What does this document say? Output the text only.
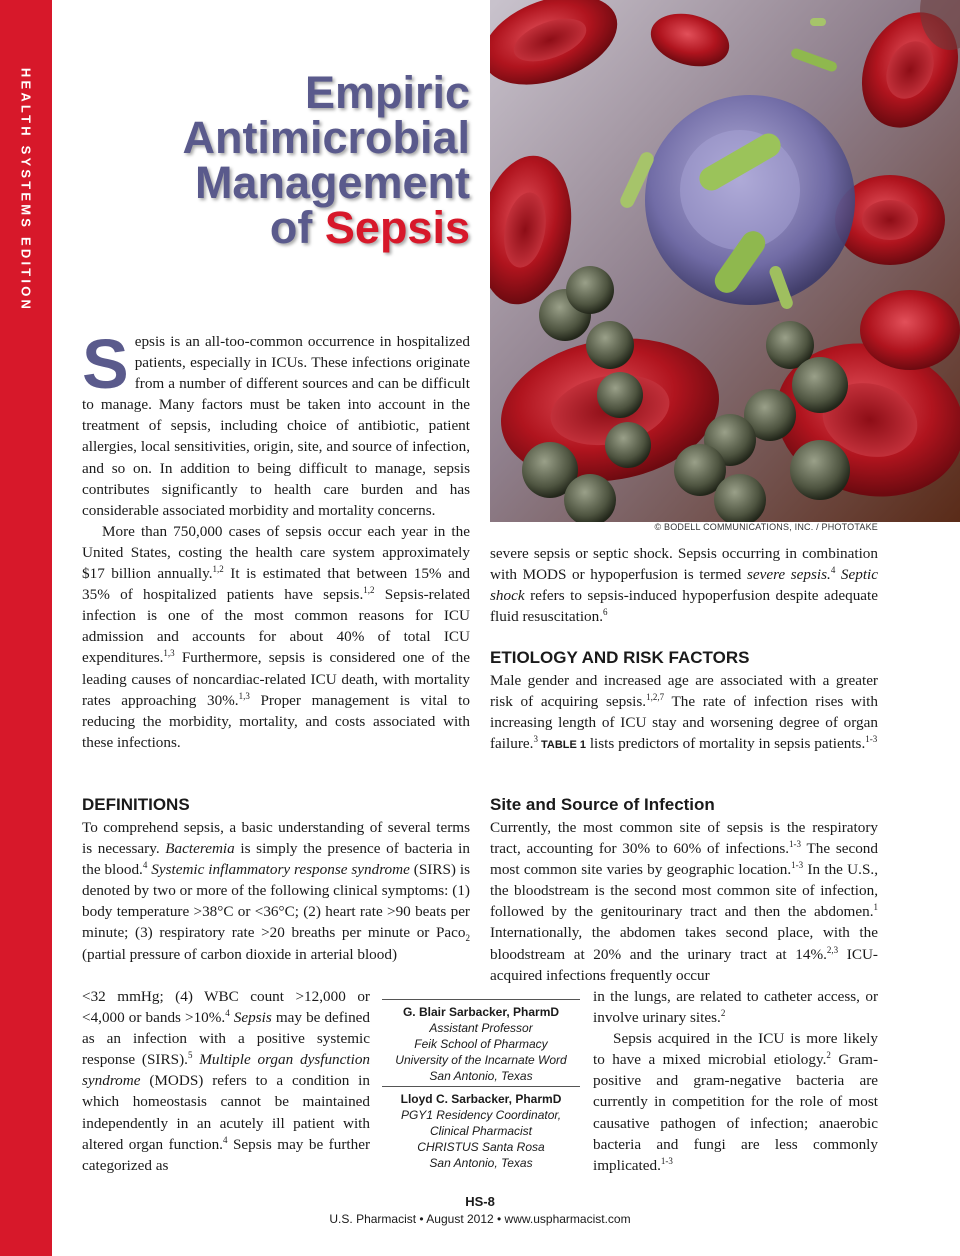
HEALTH SYSTEMS EDITION	Empiric
Antimicrobial
Management
of Sepsis
© BODELL COMMUNICATIONS, INC. / PHOTOTAKE

Sepsis is an all-too-common occurrence in hospitalized patients, especially in ICUs. These infections originate from a number of different sources and can be difficult to manage. Many factors must be taken into account in the treatment of sepsis, including choice of antibiotic, patient allergies, local sensitivities, origin, site, and source of infection, and so on. In addition to being difficult to manage, sepsis contributes significantly to health care burden and has considerable associated morbidity and mortality concerns.

More than 750,000 cases of sepsis occur each year in the United States, costing the health care system approximately $17 billion annually.$^{1,2}$ It is estimated that between 15% and 35% of hospitalized patients have sepsis.$^{1,2}$ Sepsis-related infection is one of the most common reasons for ICU admission and accounts for about 40% of total ICU expenditures.$^{1,3}$ Furthermore, sepsis is considered one of the leading causes of noncardiac-related ICU death, with mortality rates approaching 30%.$^{1,3}$ Proper management is vital to reducing the morbidity, mortality, and costs associated with these infections.

DEFINITIONS

To comprehend sepsis, a basic understanding of several terms is necessary. Bacteremia is simply the presence of bacteria in the blood.$^4$ Systemic inflammatory response syndrome (SIRS) is denoted by two or more of the following clinical symptoms: (1) body temperature >38°C or <36°C; (2) heart rate >90 beats per minute; (3) respiratory rate >20 breaths per minute or Paco$_2$ (partial pressure of carbon dioxide in arterial blood)

<32 mmHg; (4) WBC count >12,000 or <4,000 or bands >10%.$^4$ Sepsis may be defined as an infection with a positive systemic response (SIRS).$^5$ Multiple organ dysfunction syndrome (MODS) refers to a condition in which homeostasis cannot be maintained independently in an acutely ill patient with altered organ function.$^4$ Sepsis may be further categorized as

severe sepsis or septic shock. Sepsis occurring in combination with MODS or hypoperfusion is termed severe sepsis.$^4$ Septic shock refers to sepsis-induced hypoperfusion despite adequate fluid resuscitation.$^6$

ETIOLOGY AND RISK FACTORS

Male gender and increased age are associated with a greater risk of acquiring sepsis.$^{1,2,7}$ The rate of infection rises with increasing length of ICU stay and worsening degree of organ failure.$^3$ TABLE 1 lists predictors of mortality in sepsis patients.$^{1-3}$

Site and Source of Infection

Currently, the most common site of sepsis is the respiratory tract, accounting for 30% to 60% of infections.$^{1-3}$ The second most common site varies by geographic location.$^{1-3}$ In the U.S., the bloodstream is the second most common site of infection, followed by the genitourinary tract and then the abdomen.$^1$ Internationally, the abdomen takes second place, with the bloodstream at 20% and the urinary tract at 14%.$^{2,3}$ ICU-acquired infections frequently occur

in the lungs, are related to catheter access, or involve urinary sites.$^2$

Sepsis acquired in the ICU is more likely to have a mixed microbial etiology.$^2$ Gram-positive and gram-negative bacteria are currently in competition for the role of most causative pathogen of infection; anaerobic bacteria and fungi are less commonly implicated.$^{1-3}$

G. Blair Sarbacker, PharmD
Assistant Professor
Feik School of Pharmacy
University of the Incarnate Word
San Antonio, Texas
Lloyd C. Sarbacker, PharmD
PGY1 Residency Coordinator,
Clinical Pharmacist
CHRISTUS Santa Rosa
San Antonio, Texas
HS-8
U.S. Pharmacist • August 2012 • www.uspharmacist.com
